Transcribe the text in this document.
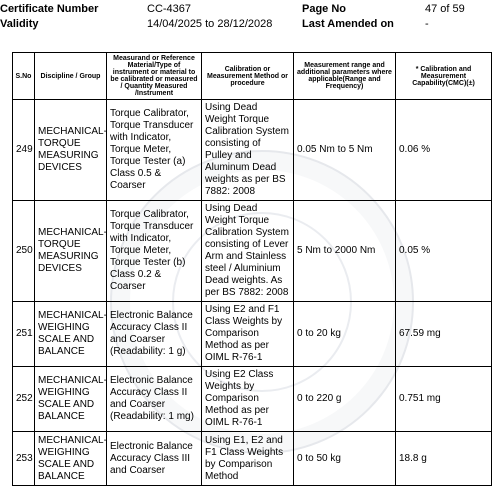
Certificate Number	CC-4367	Page No	47 of 59
Validity	14/04/2025 to 28/12/2028	Last Amended on	-
S.No	Discipline / Group	Measurand or Reference Material/Type of instrument or material to be calibrated or measured / Quantity Measured /Instrument	Calibration or Measurement Method or procedure	Measurement range and additional parameters where applicable(Range and Frequency)	* Calibration and Measurement Capability(CMC)(±)
249	MECHANICAL-TORQUE MEASURING DEVICES	Torque Calibrator, Torque Transducer with Indicator, Torque Meter, Torque Tester (a) Class 0.5 & Coarser	Using Dead Weight Torque Calibration System consisting of Pulley and Aluminum Dead weights as per BS 7882: 2008	0.05 Nm to 5 Nm	0.06 %
250	MECHANICAL-TORQUE MEASURING DEVICES	Torque Calibrator, Torque Transducer with Indicator, Torque Meter, Torque Tester (b) Class 0.2 & Coarser	Using Dead Weight Torque Calibration System consisting of Lever Arm and Stainless steel / Aluminium Dead weights. As per BS 7882: 2008	5 Nm to 2000 Nm	0.05 %
251	MECHANICAL-WEIGHING SCALE AND BALANCE	Electronic Balance Accuracy Class II and Coarser (Readability: 1 g)	Using E2 and F1 Class Weights by Comparison Method as per OIML R-76-1	0 to 20 kg	67.59 mg
252	MECHANICAL-WEIGHING SCALE AND BALANCE	Electronic Balance Accuracy Class II and Coarser (Readability: 1 mg)	Using E2 Class Weights by Comparison Method as per OIML R-76-1	0 to 220 g	0.751 mg
253	MECHANICAL-WEIGHING SCALE AND BALANCE	Electronic Balance Accuracy Class III and Coarser	Using E1, E2 and F1 Class Weights by Comparison Method	0 to 50 kg	18.8 g
